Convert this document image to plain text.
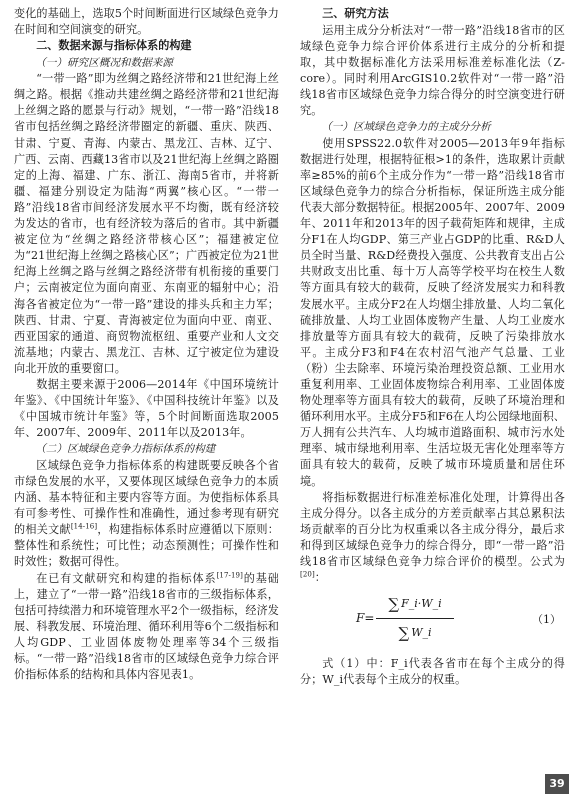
变化的基础上，选取5个时间断面进行区域绿色竞争力在时间和空间演变的研究。

二、数据来源与指标体系的构建

（一）研究区概况和数据来源

“一带一路”即为丝绸之路经济带和21世纪海上丝绸之路。根据《推动共建丝绸之路经济带和21世纪海上丝绸之路的愿景与行动》规划，“一带一路”沿线18省市包括丝绸之路经济带圈定的新疆、重庆、陕西、甘肃、宁夏、青海、内蒙古、黑龙江、吉林、辽宁、广西、云南、西藏13省市以及21世纪海上丝绸之路圈定的上海、福建、广东、浙江、海南5省市，并将新疆、福建分别设定为陆海“两翼”核心区。“一带一路”沿线18省市间经济发展水平不均衡，既有经济较为发达的省市，也有经济较为落后的省市。其中新疆被定位为“丝绸之路经济带核心区”；福建被定位为“21世纪海上丝绸之路核心区”；广西被定位为21世纪海上丝绸之路与丝绸之路经济带有机衔接的重要门户；云南被定位为面向南亚、东南亚的辐射中心；沿海各省被定位为“一带一路”建设的排头兵和主力军；陕西、甘肃、宁夏、青海被定位为面向中亚、南亚、西亚国家的通道、商贸物流枢纽、重要产业和人文交流基地；内蒙古、黑龙江、吉林、辽宁被定位为建设向北开放的重要窗口。

数据主要来源于2006—2014年《中国环境统计年鉴》、《中国统计年鉴》、《中国科技统计年鉴》以及《中国城市统计年鉴》等，5个时间断面选取2005年、2007年、2009年、2011年以及2013年。

（二）区域绿色竞争力指标体系的构建

区域绿色竞争力指标体系的构建既要反映各个省市绿色发展的水平，又要体现区域绿色竞争力的本质内涵、基本特征和主要内容等方面。为使指标体系具有可参考性、可操作性和准确性，通过参考现有研究的相关文献[14-16]，构建指标体系时应遵循以下原则：整体性和系统性；可比性；动态预测性；可操作性和时效性；数据可得性。

在已有文献研究和构建的指标体系[17-19]的基础上，建立了“一带一路”沿线18省市的三级指标体系，包括可持续潜力和环境管理水平2个一级指标，经济发展、科教发展、环境治理、循环利用等6个二级指标和人均GDP、工业固体废物处理率等34个三级指标。“一带一路”沿线18省市的区域绿色竞争力综合评价指标体系的结构和具体内容见表1。

三、研究方法

运用主成分分析法对“一带一路”沿线18省市的区域绿色竞争力综合评价体系进行主成分的分析和提取，其中数据标准化方法采用标准差标准化法（Z-core）。同时利用ArcGIS10.2软件对“一带一路”沿线18省市区域绿色竞争力综合得分的时空演变进行研究。

（一）区域绿色竞争力的主成分分析

使用SPSS22.0软件对2005—2013年9年指标数据进行处理，根据特征根>1的条件，选取累计贡献率≥85%的前6个主成分作为“一带一路”沿线18省市区域绿色竞争力的综合分析指标，保证所选主成分能代表大部分数据特征。根据2005年、2007年、2009年、2011年和2013年的因子载荷矩阵和规律，主成分F1在人均GDP、第三产业占GDP的比重、R&D人员全时当量、R&D经费投入强度、公共教育支出占公共财政支出比重、每十万人高等学校平均在校生人数等方面具有较大的载荷，反映了经济发展实力和科教发展水平。主成分F2在人均烟尘排放量、人均二氧化硫排放量、人均工业固体废物产生量、人均工业废水排放量等方面具有较大的载荷，反映了污染排放水平。主成分F3和F4在农村沼气池产气总量、工业（粉）尘去除率、环境污染治理投资总额、工业用水重复利用率、工业固体废物综合利用率、工业固体废物处理率等方面具有较大的载荷，反映了环境治理和循环利用水平。主成分F5和F6在人均公园绿地面积、万人拥有公共汽车、人均城市道路面积、城市污水处理率、城市绿地利用率、生活垃圾无害化处理率等方面具有较大的载荷，反映了城市环境质量和居住环境。

将指标数据进行标准差标准化处理，计算得出各主成分得分。以各主成分的方差贡献率占其总累积法场贡献率的百分比为权重乘以各主成分得分，最后求和得到区域绿色竞争力的综合得分，即“一带一路”沿线18省市区域绿色竞争力综合评价的模型。公式为[20]：

$F= \frac{\sum F\_i\cdot W\_i}{\sum W\_i}$	（1）

式（1）中：F_i代表各省市在每个主成分的得分；W_i代表每个主成分的权重。

39
